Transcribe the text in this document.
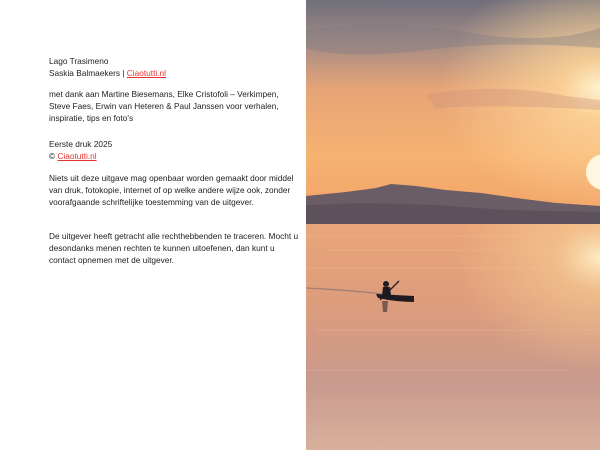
Lago Trasimeno

Saskia Balmaekers | Ciaotutti.nl

met dank aan Martine Biesemans, Elke Cristofoli – Verkimpen, Steve Faes, Erwin van Heteren & Paul Janssen voor verhalen, inspiratie, tips en foto's

Eerste druk 2025

© Ciaotutti.nl

Niets uit deze uitgave mag openbaar worden gemaakt door middel van druk, fotokopie, internet of op welke andere wijze ook, zonder voorafgaande schriftelijke toestemming van de uitgever.

De uitgever heeft getracht alle rechthebbenden te traceren. Mocht u desondanks menen rechten te kunnen uitoefenen, dan kunt u contact opnemen met de uitgever.
